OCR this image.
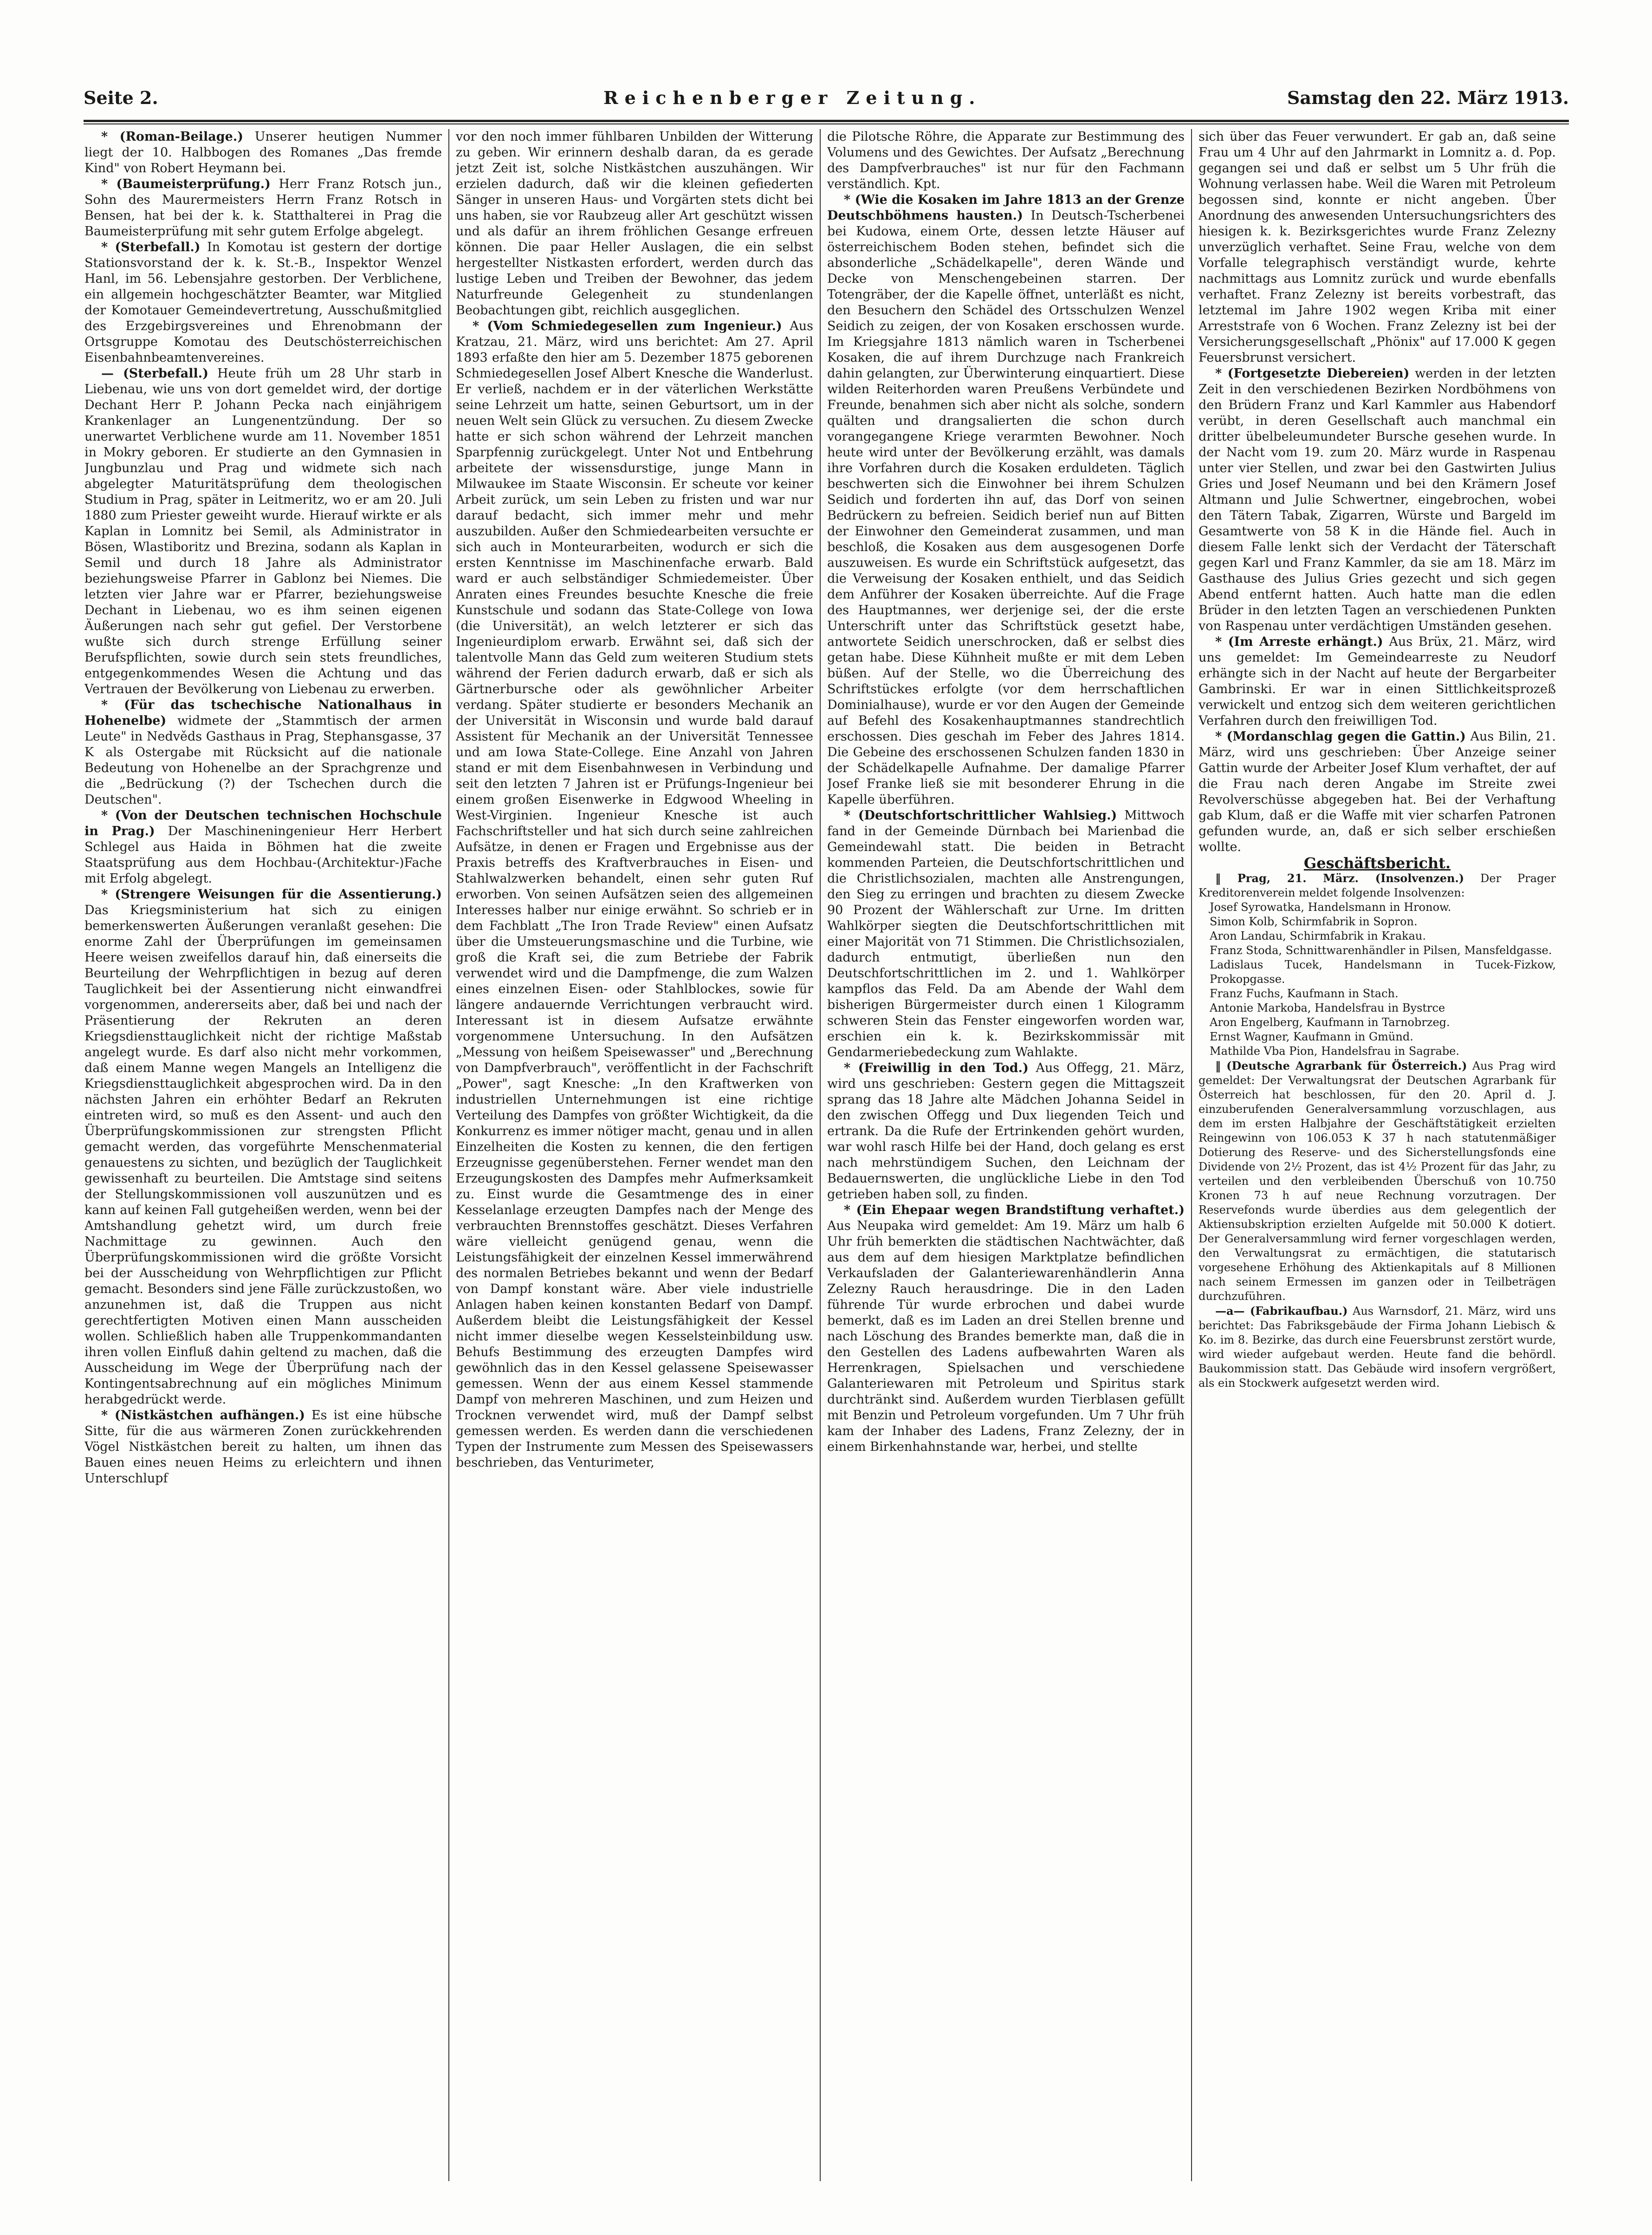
Seite 2.	Reichenberger Zeitung.	Samstag den 22. März 1913.

* (Roman-Beilage.) Unserer heutigen Nummer liegt der 10. Halbbogen des Romanes „Das fremde Kind" von Robert Heymann bei.

* (Baumeisterprüfung.) Herr Franz Rotsch jun., Sohn des Maurermeisters Herrn Franz Rotsch in Bensen, hat bei der k. k. Statthalterei in Prag die Baumeisterprüfung mit sehr gutem Erfolge abgelegt.

* (Sterbefall.) In Komotau ist gestern der dortige Stationsvorstand der k. k. St.-B., Inspektor Wenzel Hanl, im 56. Lebensjahre gestorben. Der Verblichene, ein allgemein hochgeschätzter Beamter, war Mitglied der Komotauer Gemeindevertretung, Ausschußmitglied des Erzgebirgsvereines und Ehrenobmann der Ortsgruppe Komotau des Deutschösterreichischen Eisenbahnbeamtenvereines.

— (Sterbefall.) Heute früh um 28 Uhr starb in Liebenau, wie uns von dort gemeldet wird, der dortige Dechant Herr P. Johann Pecka nach einjährigem Krankenlager an Lungenentzündung. Der so unerwartet Verblichene wurde am 11. November 1851 in Mokry geboren. Er studierte an den Gymnasien in Jungbunzlau und Prag und widmete sich nach abgelegter Maturitätsprüfung dem theologischen Studium in Prag, später in Leitmeritz, wo er am 20. Juli 1880 zum Priester geweiht wurde. Hierauf wirkte er als Kaplan in Lomnitz bei Semil, als Administrator in Bösen, Wlastiboritz und Brezina, sodann als Kaplan in Semil und durch 18 Jahre als Administrator beziehungsweise Pfarrer in Gablonz bei Niemes. Die letzten vier Jahre war er Pfarrer, beziehungsweise Dechant in Liebenau, wo es ihm seinen eigenen Äußerungen nach sehr gut gefiel. Der Verstorbene wußte sich durch strenge Erfüllung seiner Berufspflichten, sowie durch sein stets freundliches, entgegenkommendes Wesen die Achtung und das Vertrauen der Bevölkerung von Liebenau zu erwerben.

* (Für das tschechische Nationalhaus in Hohenelbe) widmete der „Stammtisch der armen Leute" in Nedvěds Gasthaus in Prag, Stephansgasse, 37 K als Ostergabe mit Rücksicht auf die nationale Bedeutung von Hohenelbe an der Sprachgrenze und die „Bedrückung (?) der Tschechen durch die Deutschen".

* (Von der Deutschen technischen Hochschule in Prag.) Der Maschineningenieur Herr Herbert Schlegel aus Haida in Böhmen hat die zweite Staatsprüfung aus dem Hochbau-(Architektur-)Fache mit Erfolg abgelegt.

* (Strengere Weisungen für die Assentierung.) Das Kriegsministerium hat sich zu einigen bemerkenswerten Äußerungen veranlaßt gesehen: Die enorme Zahl der Überprüfungen im gemeinsamen Heere weisen zweifellos darauf hin, daß einerseits die Beurteilung der Wehrpflichtigen in bezug auf deren Tauglichkeit bei der Assentierung nicht einwandfrei vorgenommen, andererseits aber, daß bei und nach der Präsentierung der Rekruten an deren Kriegsdiensttauglichkeit nicht der richtige Maßstab angelegt wurde. Es darf also nicht mehr vorkommen, daß einem Manne wegen Mangels an Intelligenz die Kriegsdiensttauglichkeit abgesprochen wird. Da in den nächsten Jahren ein erhöhter Bedarf an Rekruten eintreten wird, so muß es den Assent- und auch den Überprüfungskommissionen zur strengsten Pflicht gemacht werden, das vorgeführte Menschenmaterial genauestens zu sichten, und bezüglich der Tauglichkeit gewissenhaft zu beurteilen. Die Amtstage sind seitens der Stellungskommissionen voll auszunützen und es kann auf keinen Fall gutgeheißen werden, wenn bei der Amtshandlung gehetzt wird, um durch freie Nachmittage zu gewinnen. Auch den Überprüfungskommissionen wird die größte Vorsicht bei der Ausscheidung von Wehrpflichtigen zur Pflicht gemacht. Besonders sind jene Fälle zurückzustoßen, wo anzunehmen ist, daß die Truppen aus nicht gerechtfertigten Motiven einen Mann ausscheiden wollen. Schließlich haben alle Truppenkommandanten ihren vollen Einfluß dahin geltend zu machen, daß die Ausscheidung im Wege der Überprüfung nach der Kontingentsabrechnung auf ein mögliches Minimum herabgedrückt werde.

* (Nistkästchen aufhängen.) Es ist eine hübsche Sitte, für die aus wärmeren Zonen zurückkehrenden Vögel Nistkästchen bereit zu halten, um ihnen das Bauen eines neuen Heims zu erleichtern und ihnen Unterschlupf

vor den noch immer fühlbaren Unbilden der Witterung zu geben. Wir erinnern deshalb daran, da es gerade jetzt Zeit ist, solche Nistkästchen auszuhängen. Wir erzielen dadurch, daß wir die kleinen gefiederten Sänger in unseren Haus- und Vorgärten stets dicht bei uns haben, sie vor Raubzeug aller Art geschützt wissen und als dafür an ihrem fröhlichen Gesange erfreuen können. Die paar Heller Auslagen, die ein selbst hergestellter Nistkasten erfordert, werden durch das lustige Leben und Treiben der Bewohner, das jedem Naturfreunde Gelegenheit zu stundenlangen Beobachtungen gibt, reichlich ausgeglichen.

* (Vom Schmiedegesellen zum Ingenieur.) Aus Kratzau, 21. März, wird uns berichtet: Am 27. April 1893 erfaßte den hier am 5. Dezember 1875 geborenen Schmiedegesellen Josef Albert Knesche die Wanderlust. Er verließ, nachdem er in der väterlichen Werkstätte seine Lehrzeit um hatte, seinen Geburtsort, um in der neuen Welt sein Glück zu versuchen. Zu diesem Zwecke hatte er sich schon während der Lehrzeit manchen Sparpfennig zurückgelegt. Unter Not und Entbehrung arbeitete der wissensdurstige, junge Mann in Milwaukee im Staate Wisconsin. Er scheute vor keiner Arbeit zurück, um sein Leben zu fristen und war nur darauf bedacht, sich immer mehr und mehr auszubilden. Außer den Schmiedearbeiten versuchte er sich auch in Monteurarbeiten, wodurch er sich die ersten Kenntnisse im Maschinenfache erwarb. Bald ward er auch selbständiger Schmiedemeister. Über Anraten eines Freundes besuchte Knesche die freie Kunstschule und sodann das State-College von Iowa (die Universität), an welch letzterer er sich das Ingenieurdiplom erwarb. Erwähnt sei, daß sich der talentvolle Mann das Geld zum weiteren Studium stets während der Ferien dadurch erwarb, daß er sich als Gärtnerbursche oder als gewöhnlicher Arbeiter verdang. Später studierte er besonders Mechanik an der Universität in Wisconsin und wurde bald darauf Assistent für Mechanik an der Universität Tennessee und am Iowa State-College. Eine Anzahl von Jahren stand er mit dem Eisenbahnwesen in Verbindung und seit den letzten 7 Jahren ist er Prüfungs-Ingenieur bei einem großen Eisenwerke in Edgwood Wheeling in West-Virginien. Ingenieur Knesche ist auch Fachschriftsteller und hat sich durch seine zahlreichen Aufsätze, in denen er Fragen und Ergebnisse aus der Praxis betreffs des Kraftverbrauches in Eisen- und Stahlwalzwerken behandelt, einen sehr guten Ruf erworben. Von seinen Aufsätzen seien des allgemeinen Interesses halber nur einige erwähnt. So schrieb er in dem Fachblatt „The Iron Trade Review" einen Aufsatz über die Umsteuerungsmaschine und die Turbine, wie groß die Kraft sei, die zum Betriebe der Fabrik verwendet wird und die Dampfmenge, die zum Walzen eines einzelnen Eisen- oder Stahlblockes, sowie für längere andauernde Verrichtungen verbraucht wird. Interessant ist in diesem Aufsatze erwähnte vorgenommene Untersuchung. In den Aufsätzen „Messung von heißem Speisewasser" und „Berechnung von Dampfverbrauch", veröffentlicht in der Fachschrift „Power", sagt Knesche: „In den Kraftwerken von industriellen Unternehmungen ist eine richtige Verteilung des Dampfes von größter Wichtigkeit, da die Konkurrenz es immer nötiger macht, genau und in allen Einzelheiten die Kosten zu kennen, die den fertigen Erzeugnisse gegenüberstehen. Ferner wendet man den Erzeugungskosten des Dampfes mehr Aufmerksamkeit zu. Einst wurde die Gesamtmenge des in einer Kesselanlage erzeugten Dampfes nach der Menge des verbrauchten Brennstoffes geschätzt. Dieses Verfahren wäre vielleicht genügend genau, wenn die Leistungsfähigkeit der einzelnen Kessel immerwährend des normalen Betriebes bekannt und wenn der Bedarf von Dampf konstant wäre. Aber viele industrielle Anlagen haben keinen konstanten Bedarf von Dampf. Außerdem bleibt die Leistungsfähigkeit der Kessel nicht immer dieselbe wegen Kesselsteinbildung usw. Behufs Bestimmung des erzeugten Dampfes wird gewöhnlich das in den Kessel gelassene Speisewasser gemessen. Wenn der aus einem Kessel stammende Dampf von mehreren Maschinen, und zum Heizen und Trocknen verwendet wird, muß der Dampf selbst gemessen werden. Es werden dann die verschiedenen Typen der Instrumente zum Messen des Speisewassers beschrieben, das Venturimeter,

die Pilotsche Röhre, die Apparate zur Bestimmung des Volumens und des Gewichtes. Der Aufsatz „Berechnung des Dampfverbrauches" ist nur für den Fachmann verständlich. Kpt.

* (Wie die Kosaken im Jahre 1813 an der Grenze Deutschböhmens hausten.) In Deutsch-Tscherbenei bei Kudowa, einem Orte, dessen letzte Häuser auf österreichischem Boden stehen, befindet sich die absonderliche „Schädelkapelle", deren Wände und Decke von Menschengebeinen starren. Der Totengräber, der die Kapelle öffnet, unterläßt es nicht, den Besuchern den Schädel des Ortsschulzen Wenzel Seidich zu zeigen, der von Kosaken erschossen wurde. Im Kriegsjahre 1813 nämlich waren in Tscherbenei Kosaken, die auf ihrem Durchzuge nach Frankreich dahin gelangten, zur Überwinterung einquartiert. Diese wilden Reiterhorden waren Preußens Verbündete und Freunde, benahmen sich aber nicht als solche, sondern quälten und drangsalierten die schon durch vorangegangene Kriege verarmten Bewohner. Noch heute wird unter der Bevölkerung erzählt, was damals ihre Vorfahren durch die Kosaken erduldeten. Täglich beschwerten sich die Einwohner bei ihrem Schulzen Seidich und forderten ihn auf, das Dorf von seinen Bedrückern zu befreien. Seidich berief nun auf Bitten der Einwohner den Gemeinderat zusammen, und man beschloß, die Kosaken aus dem ausgesogenen Dorfe auszuweisen. Es wurde ein Schriftstück aufgesetzt, das die Verweisung der Kosaken enthielt, und das Seidich dem Anführer der Kosaken überreichte. Auf die Frage des Hauptmannes, wer derjenige sei, der die erste Unterschrift unter das Schriftstück gesetzt habe, antwortete Seidich unerschrocken, daß er selbst dies getan habe. Diese Kühnheit mußte er mit dem Leben büßen. Auf der Stelle, wo die Überreichung des Schriftstückes erfolgte (vor dem herrschaftlichen Dominialhause), wurde er vor den Augen der Gemeinde auf Befehl des Kosakenhauptmannes standrechtlich erschossen. Dies geschah im Feber des Jahres 1814. Die Gebeine des erschossenen Schulzen fanden 1830 in der Schädelkapelle Aufnahme. Der damalige Pfarrer Josef Franke ließ sie mit besonderer Ehrung in die Kapelle überführen.

* (Deutschfortschrittlicher Wahlsieg.) Mittwoch fand in der Gemeinde Dürnbach bei Marienbad die Gemeindewahl statt. Die beiden in Betracht kommenden Parteien, die Deutschfortschrittlichen und die Christlichsozialen, machten alle Anstrengungen, den Sieg zu erringen und brachten zu diesem Zwecke 90 Prozent der Wählerschaft zur Urne. Im dritten Wahlkörper siegten die Deutschfortschrittlichen mit einer Majorität von 71 Stimmen. Die Christlichsozialen, dadurch entmutigt, überließen nun den Deutschfortschrittlichen im 2. und 1. Wahlkörper kampflos das Feld. Da am Abende der Wahl dem bisherigen Bürgermeister durch einen 1 Kilogramm schweren Stein das Fenster eingeworfen worden war, erschien ein k. k. Bezirkskommissär mit Gendarmeriebedeckung zum Wahlakte.

* (Freiwillig in den Tod.) Aus Offegg, 21. März, wird uns geschrieben: Gestern gegen die Mittagszeit sprang das 18 Jahre alte Mädchen Johanna Seidel in den zwischen Offegg und Dux liegenden Teich und ertrank. Da die Rufe der Ertrinkenden gehört wurden, war wohl rasch Hilfe bei der Hand, doch gelang es erst nach mehrstündigem Suchen, den Leichnam der Bedauernswerten, die unglückliche Liebe in den Tod getrieben haben soll, zu finden.

* (Ein Ehepaar wegen Brandstiftung verhaftet.) Aus Neupaka wird gemeldet: Am 19. März um halb 6 Uhr früh bemerkten die städtischen Nachtwächter, daß aus dem auf dem hiesigen Marktplatze befindlichen Verkaufsladen der Galanteriewarenhändlerin Anna Zelezny Rauch herausdringe. Die in den Laden führende Tür wurde erbrochen und dabei wurde bemerkt, daß es im Laden an drei Stellen brenne und nach Löschung des Brandes bemerkte man, daß die in den Gestellen des Ladens aufbewahrten Waren als Herrenkragen, Spielsachen und verschiedene Galanteriewaren mit Petroleum und Spiritus stark durchtränkt sind. Außerdem wurden Tierblasen gefüllt mit Benzin und Petroleum vorgefunden. Um 7 Uhr früh kam der Inhaber des Ladens, Franz Zelezny, der in einem Birkenhahnstande war, herbei, und stellte

sich über das Feuer verwundert. Er gab an, daß seine Frau um 4 Uhr auf den Jahrmarkt in Lomnitz a. d. Pop. gegangen sei und daß er selbst um 5 Uhr früh die Wohnung verlassen habe. Weil die Waren mit Petroleum begossen sind, konnte er nicht angeben. Über Anordnung des anwesenden Untersuchungsrichters des hiesigen k. k. Bezirksgerichtes wurde Franz Zelezny unverzüglich verhaftet. Seine Frau, welche von dem Vorfalle telegraphisch verständigt wurde, kehrte nachmittags aus Lomnitz zurück und wurde ebenfalls verhaftet. Franz Zelezny ist bereits vorbestraft, das letztemal im Jahre 1902 wegen Kriba mit einer Arreststrafe von 6 Wochen. Franz Zelezny ist bei der Versicherungsgesellschaft „Phönix" auf 17.000 K gegen Feuersbrunst versichert.

* (Fortgesetzte Diebereien) werden in der letzten Zeit in den verschiedenen Bezirken Nordböhmens von den Brüdern Franz und Karl Kammler aus Habendorf verübt, in deren Gesellschaft auch manchmal ein dritter übelbeleumundeter Bursche gesehen wurde. In der Nacht vom 19. zum 20. März wurde in Raspenau unter vier Stellen, und zwar bei den Gastwirten Julius Gries und Josef Neumann und bei den Krämern Josef Altmann und Julie Schwertner, eingebrochen, wobei den Tätern Tabak, Zigarren, Würste und Bargeld im Gesamtwerte von 58 K in die Hände fiel. Auch in diesem Falle lenkt sich der Verdacht der Täterschaft gegen Karl und Franz Kammler, da sie am 18. März im Gasthause des Julius Gries gezecht und sich gegen Abend entfernt hatten. Auch hatte man die edlen Brüder in den letzten Tagen an verschiedenen Punkten von Raspenau unter verdächtigen Umständen gesehen.

* (Im Arreste erhängt.) Aus Brüx, 21. März, wird uns gemeldet: Im Gemeindearreste zu Neudorf erhängte sich in der Nacht auf heute der Bergarbeiter Gambrinski. Er war in einen Sittlichkeitsprozeß verwickelt und entzog sich dem weiteren gerichtlichen Verfahren durch den freiwilligen Tod.

* (Mordanschlag gegen die Gattin.) Aus Bilin, 21. März, wird uns geschrieben: Über Anzeige seiner Gattin wurde der Arbeiter Josef Klum verhaftet, der auf die Frau nach deren Angabe im Streite zwei Revolverschüsse abgegeben hat. Bei der Verhaftung gab Klum, daß er die Waffe mit vier scharfen Patronen gefunden wurde, an, daß er sich selber erschießen wollte.

Geschäftsbericht.

‖ Prag, 21. März. (Insolvenzen.) Der Prager Kreditorenverein meldet folgende Insolvenzen:

Josef Syrowatka, Handelsmann in Hronow.

Simon Kolb, Schirmfabrik in Sopron.

Aron Landau, Schirmfabrik in Krakau.

Franz Stoda, Schnittwarenhändler in Pilsen, Mansfeldgasse.

Ladislaus Tucek, Handelsmann in Tucek-Fizkow, Prokopgasse.

Franz Fuchs, Kaufmann in Stach.

Antonie Markoba, Handelsfrau in Bystrce

Aron Engelberg, Kaufmann in Tarnobrzeg.

Ernst Wagner, Kaufmann in Gmünd.

Mathilde Vba Pion, Handelsfrau in Sagrabe.

‖ (Deutsche Agrarbank für Österreich.) Aus Prag wird gemeldet: Der Verwaltungsrat der Deutschen Agrarbank für Österreich hat beschlossen, für den 20. April d. J. einzuberufenden Generalversammlung vorzuschlagen, aus dem im ersten Halbjahre der Geschäftstätigkeit erzielten Reingewinn von 106.053 K 37 h nach statutenmäßiger Dotierung des Reserve- und des Sicherstellungsfonds eine Dividende von 2½ Prozent, das ist 4½ Prozent für das Jahr, zu verteilen und den verbleibenden Überschuß von 10.750 Kronen 73 h auf neue Rechnung vorzutragen. Der Reservefonds wurde überdies aus dem gelegentlich der Aktiensubskription erzielten Aufgelde mit 50.000 K dotiert. Der Generalversammlung wird ferner vorgeschlagen werden, den Verwaltungsrat zu ermächtigen, die statutarisch vorgesehene Erhöhung des Aktienkapitals auf 8 Millionen nach seinem Ermessen im ganzen oder in Teilbeträgen durchzuführen.

—a— (Fabrikaufbau.) Aus Warnsdorf, 21. März, wird uns berichtet: Das Fabriksgebäude der Firma Johann Liebisch & Ko. im 8. Bezirke, das durch eine Feuersbrunst zerstört wurde, wird wieder aufgebaut werden. Heute fand die behördl. Baukommission statt. Das Gebäude wird insofern vergrößert, als ein Stockwerk aufgesetzt werden wird.
